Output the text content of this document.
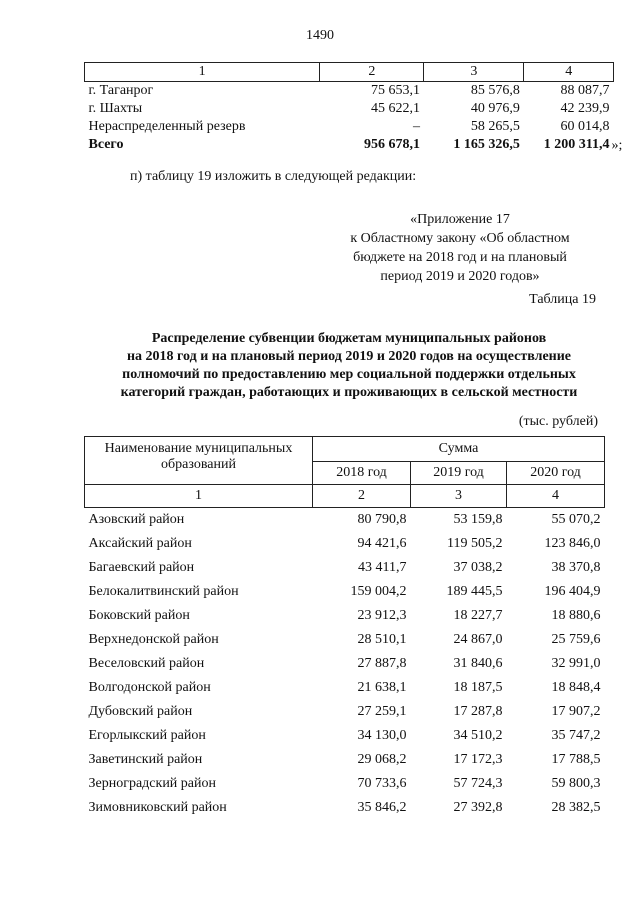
1490
1	2	3	4
г. Таганрог	75 653,1	85 576,8	88 087,7
г. Шахты	45 622,1	40 976,9	42 239,9
Нераспределенный резерв	–	58 265,5	60 014,8
Всего	956 678,1	1 165 326,5	1 200 311,4 »;
п) таблицу 19 изложить в следующей редакции:
«Приложение 17
к Областному закону «Об областном
бюджете на 2018 год и на плановый
период 2019 и 2020 годов»
Таблица 19
Распределение субвенции бюджетам муниципальных районов
на 2018 год и на плановый период 2019 и 2020 годов на осуществление
полномочий по предоставлению мер социальной поддержки отдельных
категорий граждан, работающих и проживающих в сельской местности
(тыс. рублей)
Наименование муниципальных образований	Сумма		
	2018 год	2019 год	2020 год
1	2	3	4
Азовский район	80 790,8	53 159,8	55 070,2
Аксайский район	94 421,6	119 505,2	123 846,0
Багаевский район	43 411,7	37 038,2	38 370,8
Белокалитвинский район	159 004,2	189 445,5	196 404,9
Боковский район	23 912,3	18 227,7	18 880,6
Верхнедонской район	28 510,1	24 867,0	25 759,6
Веселовский район	27 887,8	31 840,6	32 991,0
Волгодонской район	21 638,1	18 187,5	18 848,4
Дубовский район	27 259,1	17 287,8	17 907,2
Егорлыкский район	34 130,0	34 510,2	35 747,2
Заветинский район	29 068,2	17 172,3	17 788,5
Зерноградский район	70 733,6	57 724,3	59 800,3
Зимовниковский район	35 846,2	27 392,8	28 382,5
